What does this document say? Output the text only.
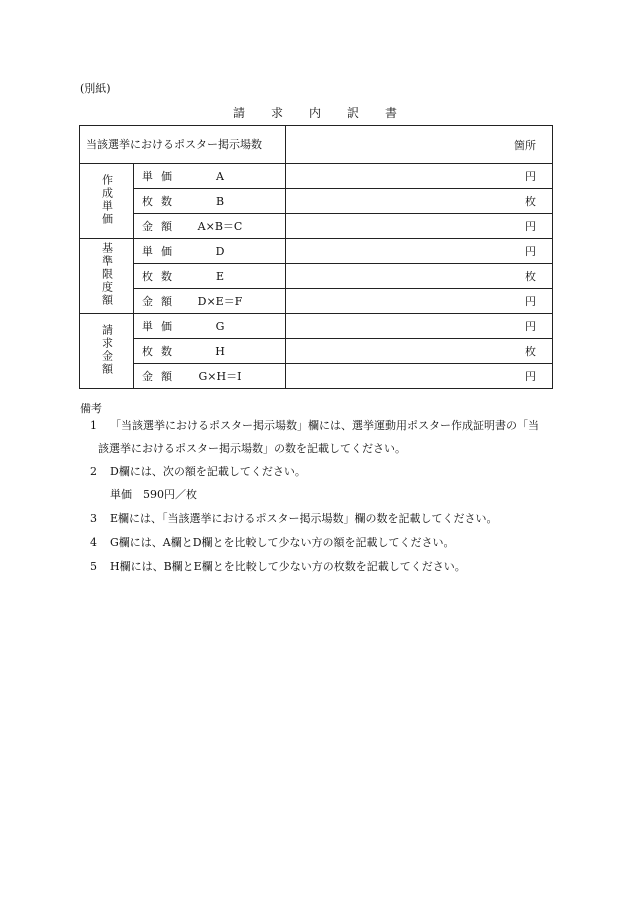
(別紙)
請求内訳書
当該選挙におけるポスター掲示場数		箇所
作成単価	単価 A	円
	枚数 B	枚
	金額 A×B＝C	円
基準限度額	単価 D	円
	枚数 E	枚
	金額 D×E＝F	円
請求金額	単価 G	円
	枚数 H	枚
	金額 G×H＝I	円
備考
1 「当該選挙におけるポスター掲示場数」欄には、選挙運動用ポスター作成証明書の「当
該選挙におけるポスター掲示場数」の数を記載してください。
2 D欄には、次の額を記載してください。
単価　590円／枚
3 E欄には、「当該選挙におけるポスター掲示場数」欄の数を記載してください。
4 G欄には、A欄とD欄とを比較して少ない方の額を記載してください。
5 H欄には、B欄とE欄とを比較して少ない方の枚数を記載してください。
